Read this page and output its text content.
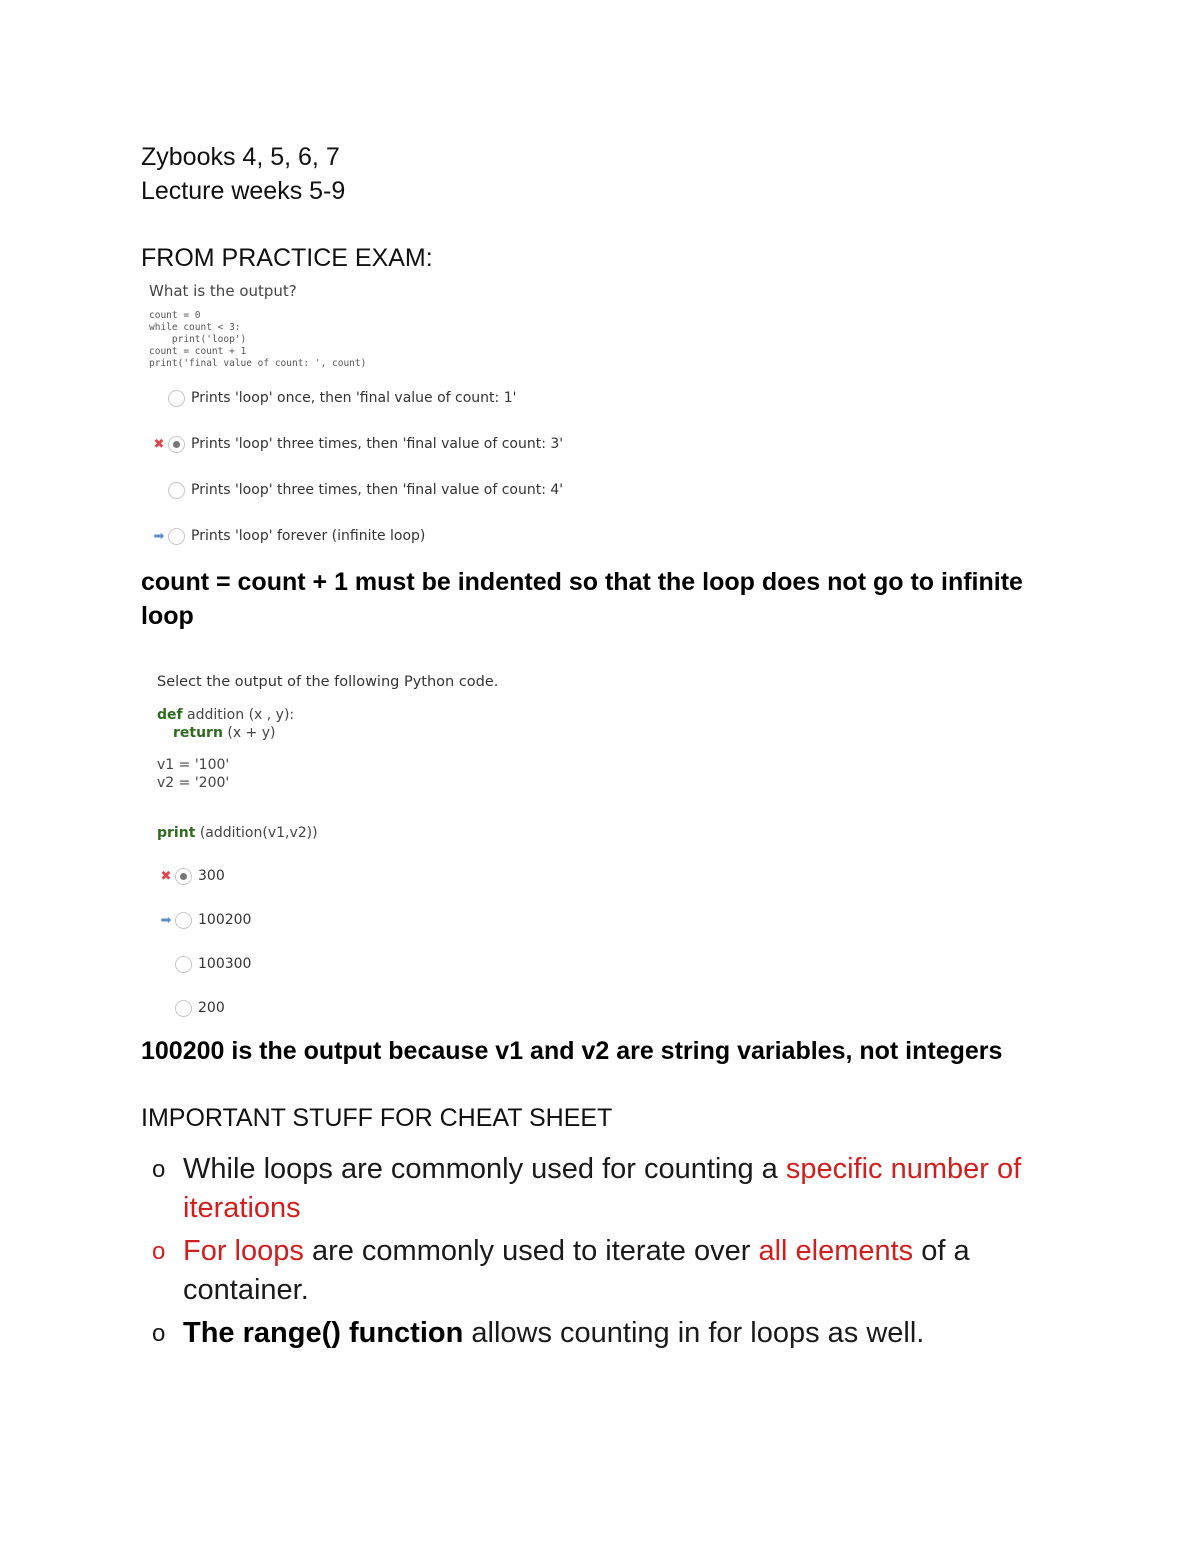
Zybooks 4, 5, 6, 7
Lecture weeks 5-9
FROM PRACTICE EXAM:
What is the output?
count = 0
while count < 3:
print('loop')
count = count + 1
print('final value of count: ', count)
Prints 'loop' once, then 'final value of count: 1'
✖ Prints 'loop' three times, then 'final value of count: 3'
Prints 'loop' three times, then 'final value of count: 4'
➡ Prints 'loop' forever (infinite loop)
count = count + 1 must be indented so that the loop does not go to infinite loop
Select the output of the following Python code.
def addition (x , y):
return (x + y)
v1 = '100'
v2 = '200'
print (addition(v1,v2))
✖ 300
➡ 100200
100300
200
100200 is the output because v1 and v2 are string variables, not integers
IMPORTANT STUFF FOR CHEAT SHEET
o While loops are commonly used for counting a specific number of iterations
o For loops are commonly used to iterate over all elements of a container.
o The range() function allows counting in for loops as well.
